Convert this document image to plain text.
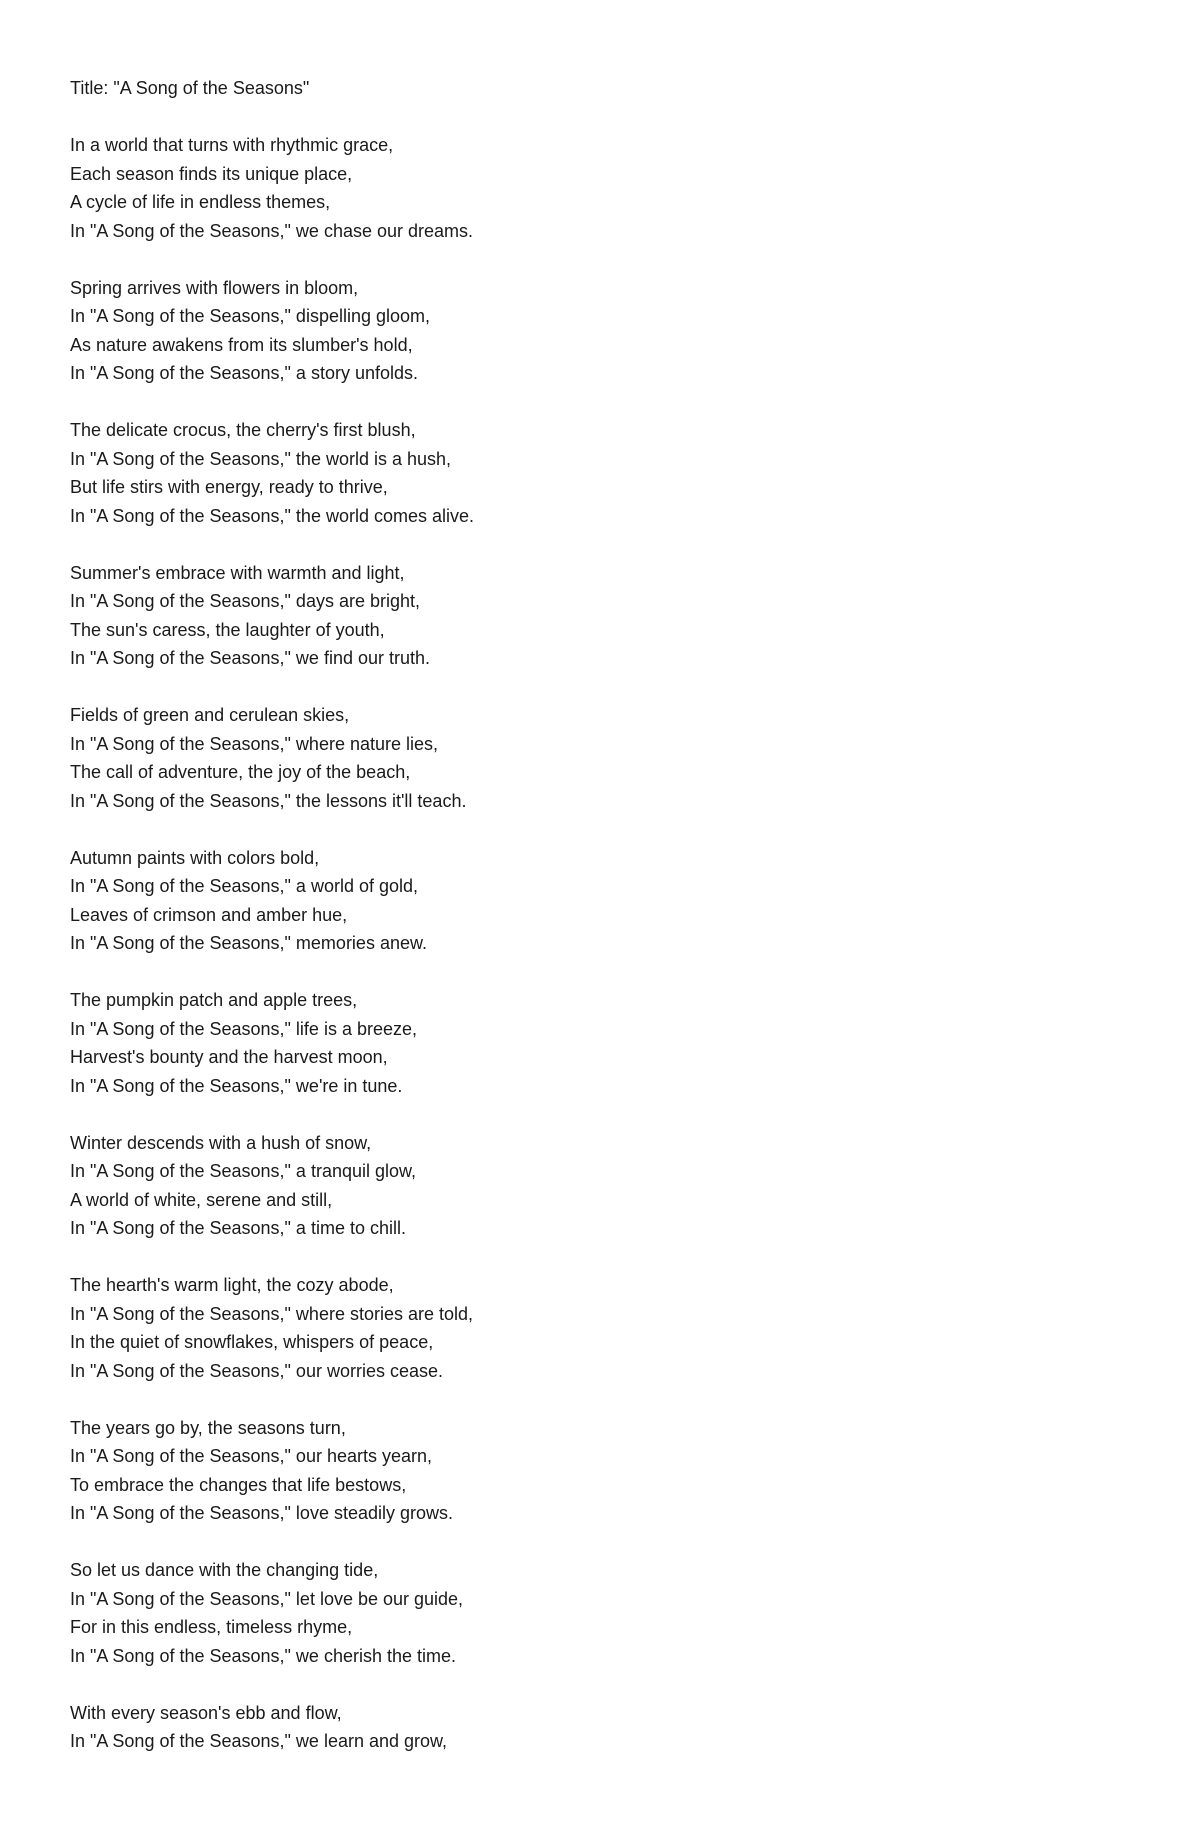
Title: "A Song of the Seasons"
In a world that turns with rhythmic grace,
Each season finds its unique place,
A cycle of life in endless themes,
In "A Song of the Seasons," we chase our dreams.
Spring arrives with flowers in bloom,
In "A Song of the Seasons," dispelling gloom,
As nature awakens from its slumber's hold,
In "A Song of the Seasons," a story unfolds.
The delicate crocus, the cherry's first blush,
In "A Song of the Seasons," the world is a hush,
But life stirs with energy, ready to thrive,
In "A Song of the Seasons," the world comes alive.
Summer's embrace with warmth and light,
In "A Song of the Seasons," days are bright,
The sun's caress, the laughter of youth,
In "A Song of the Seasons," we find our truth.
Fields of green and cerulean skies,
In "A Song of the Seasons," where nature lies,
The call of adventure, the joy of the beach,
In "A Song of the Seasons," the lessons it'll teach.
Autumn paints with colors bold,
In "A Song of the Seasons," a world of gold,
Leaves of crimson and amber hue,
In "A Song of the Seasons," memories anew.
The pumpkin patch and apple trees,
In "A Song of the Seasons," life is a breeze,
Harvest's bounty and the harvest moon,
In "A Song of the Seasons," we're in tune.
Winter descends with a hush of snow,
In "A Song of the Seasons," a tranquil glow,
A world of white, serene and still,
In "A Song of the Seasons," a time to chill.
The hearth's warm light, the cozy abode,
In "A Song of the Seasons," where stories are told,
In the quiet of snowflakes, whispers of peace,
In "A Song of the Seasons," our worries cease.
The years go by, the seasons turn,
In "A Song of the Seasons," our hearts yearn,
To embrace the changes that life bestows,
In "A Song of the Seasons," love steadily grows.
So let us dance with the changing tide,
In "A Song of the Seasons," let love be our guide,
For in this endless, timeless rhyme,
In "A Song of the Seasons," we cherish the time.
With every season's ebb and flow,
In "A Song of the Seasons," we learn and grow,
